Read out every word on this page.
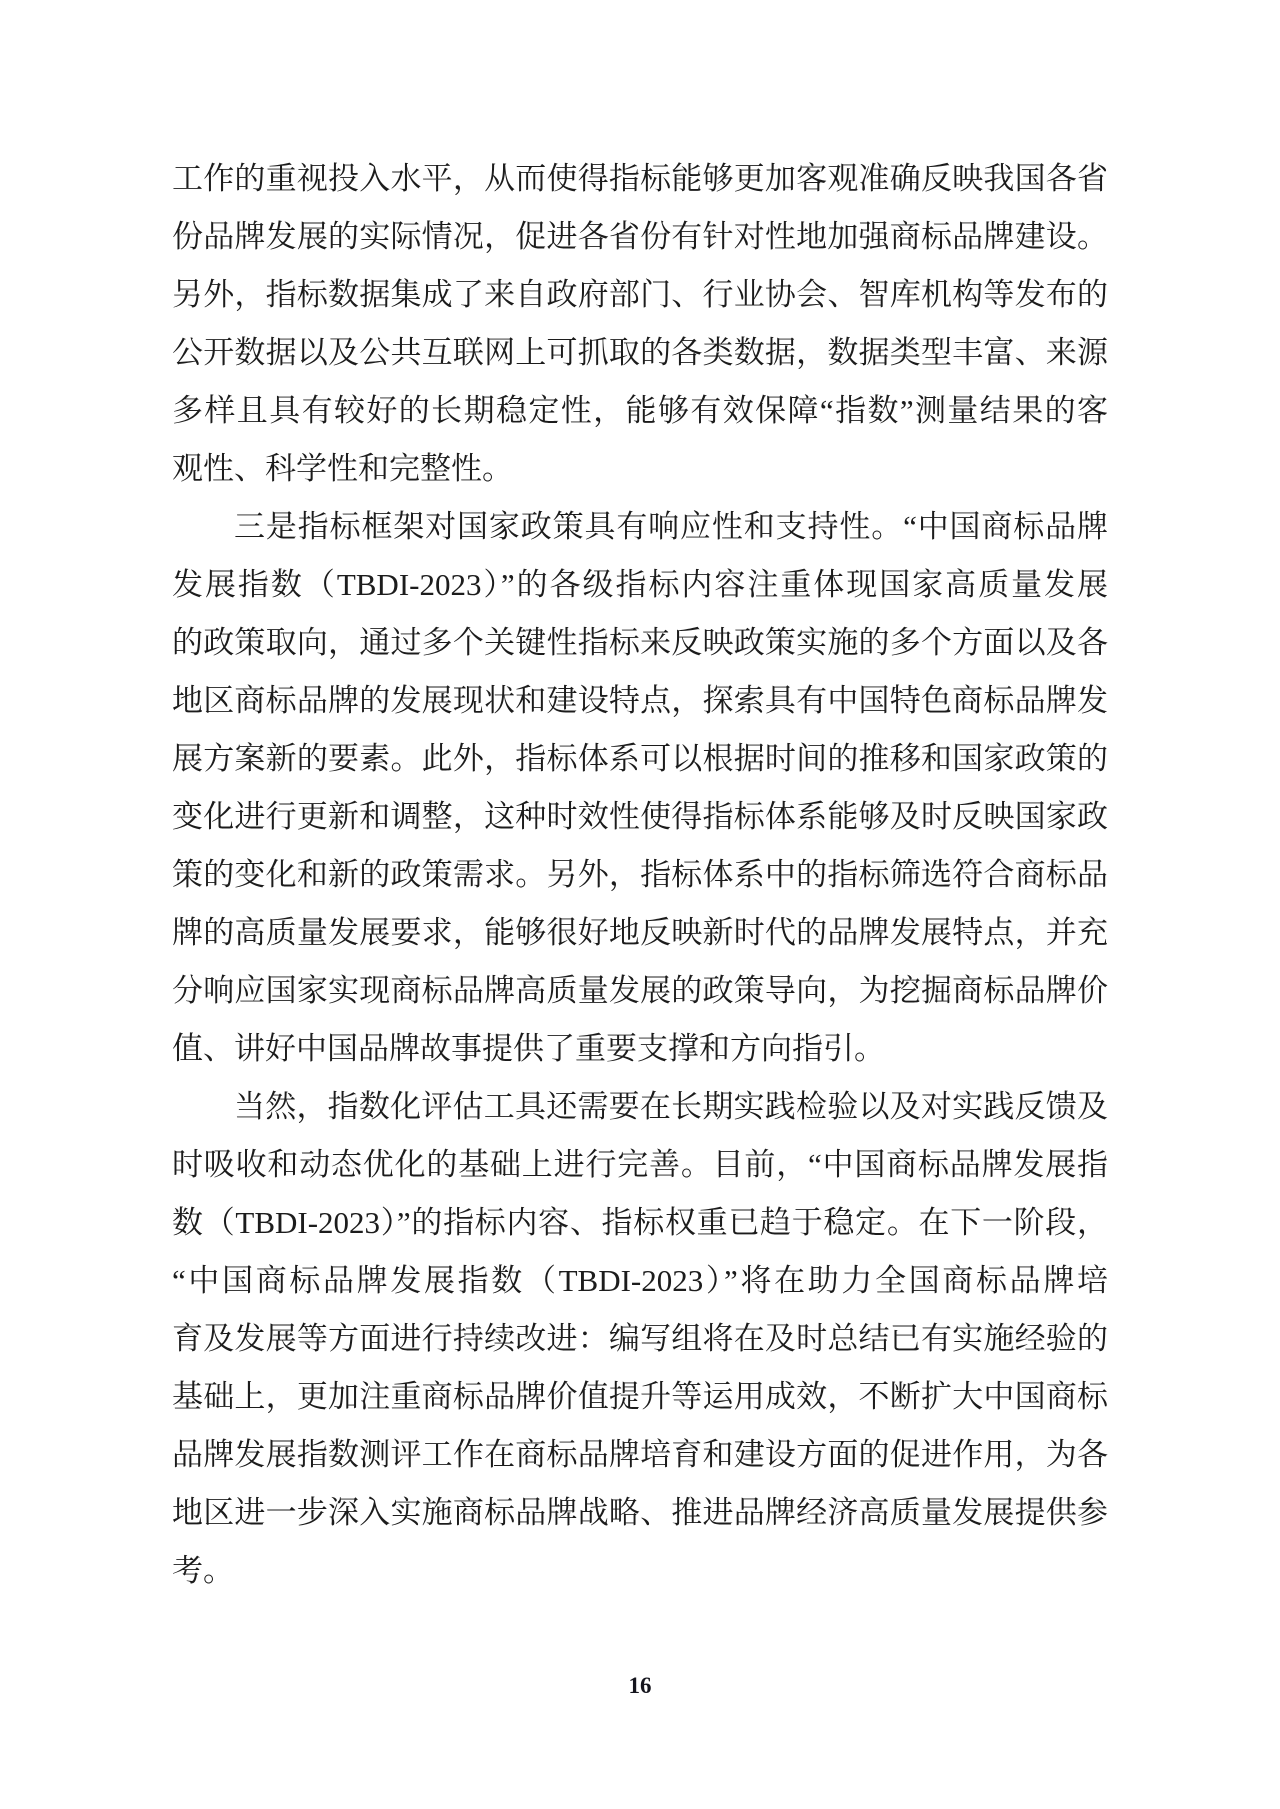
工作的重视投入水平，从而使得指标能够更加客观准确反映我国各省
份品牌发展的实际情况，促进各省份有针对性地加强商标品牌建设。
另外，指标数据集成了来自政府部门、行业协会、智库机构等发布的
公开数据以及公共互联网上可抓取的各类数据，数据类型丰富、来源
多样且具有较好的长期稳定性，能够有效保障“指数”测量结果的客
观性、科学性和完整性。
三是指标框架对国家政策具有响应性和支持性。“中国商标品牌
发展指数（TBDI-2023）”的各级指标内容注重体现国家高质量发展
的政策取向，通过多个关键性指标来反映政策实施的多个方面以及各
地区商标品牌的发展现状和建设特点，探索具有中国特色商标品牌发
展方案新的要素。此外，指标体系可以根据时间的推移和国家政策的
变化进行更新和调整，这种时效性使得指标体系能够及时反映国家政
策的变化和新的政策需求。另外，指标体系中的指标筛选符合商标品
牌的高质量发展要求，能够很好地反映新时代的品牌发展特点，并充
分响应国家实现商标品牌高质量发展的政策导向，为挖掘商标品牌价
值、讲好中国品牌故事提供了重要支撑和方向指引。
当然，指数化评估工具还需要在长期实践检验以及对实践反馈及
时吸收和动态优化的基础上进行完善。目前，“中国商标品牌发展指
数（TBDI-2023）”的指标内容、指标权重已趋于稳定。在下一阶段，
“中国商标品牌发展指数（TBDI-2023）”将在助力全国商标品牌培
育及发展等方面进行持续改进：编写组将在及时总结已有实施经验的
基础上，更加注重商标品牌价值提升等运用成效，不断扩大中国商标
品牌发展指数测评工作在商标品牌培育和建设方面的促进作用，为各
地区进一步深入实施商标品牌战略、推进品牌经济高质量发展提供参
考。
16
